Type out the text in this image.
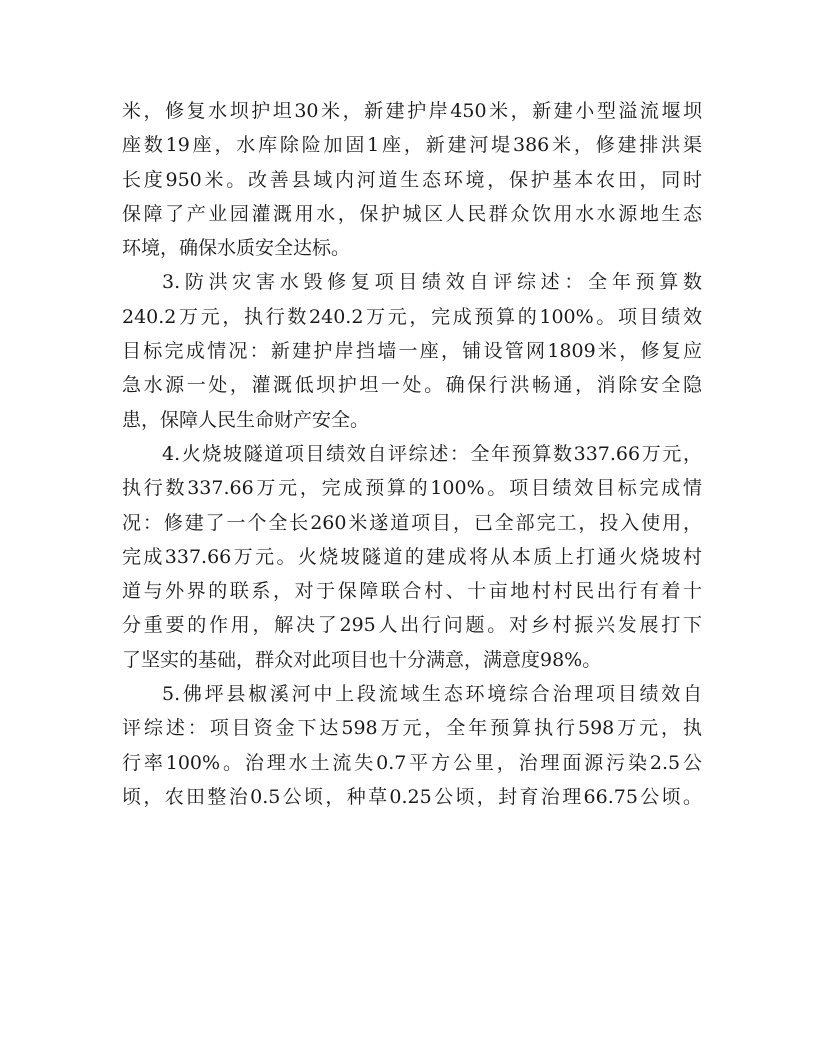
米，修复水坝护坦30米，新建护岸450米，新建小型溢流堰坝
座数19座，水库除险加固1座，新建河堤386米，修建排洪渠
长度950米。改善县域内河道生态环境，保护基本农田，同时
保障了产业园灌溉用水，保护城区人民群众饮用水水源地生态
环境，确保水质安全达标。
3.防洪灾害水毁修复项目绩效自评综述：全年预算数
240.2万元，执行数240.2万元，完成预算的100%。项目绩效
目标完成情况：新建护岸挡墙一座，铺设管网1809米，修复应
急水源一处，灌溉低坝护坦一处。确保行洪畅通，消除安全隐
患，保障人民生命财产安全。
4.火烧坡隧道项目绩效自评综述：全年预算数337.66万元，
执行数337.66万元，完成预算的100%。项目绩效目标完成情
况：修建了一个全长260米遂道项目，已全部完工，投入使用，
完成337.66万元。火烧坡隧道的建成将从本质上打通火烧坡村
道与外界的联系，对于保障联合村、十亩地村村民出行有着十
分重要的作用，解决了295人出行问题。对乡村振兴发展打下
了坚实的基础，群众对此项目也十分满意，满意度98%。
5.佛坪县椒溪河中上段流域生态环境综合治理项目绩效自
评综述：项目资金下达598万元，全年预算执行598万元，执
行率100%。治理水土流失0.7平方公里，治理面源污染2.5公
顷，农田整治0.5公顷，种草0.25公顷，封育治理66.75公顷。
